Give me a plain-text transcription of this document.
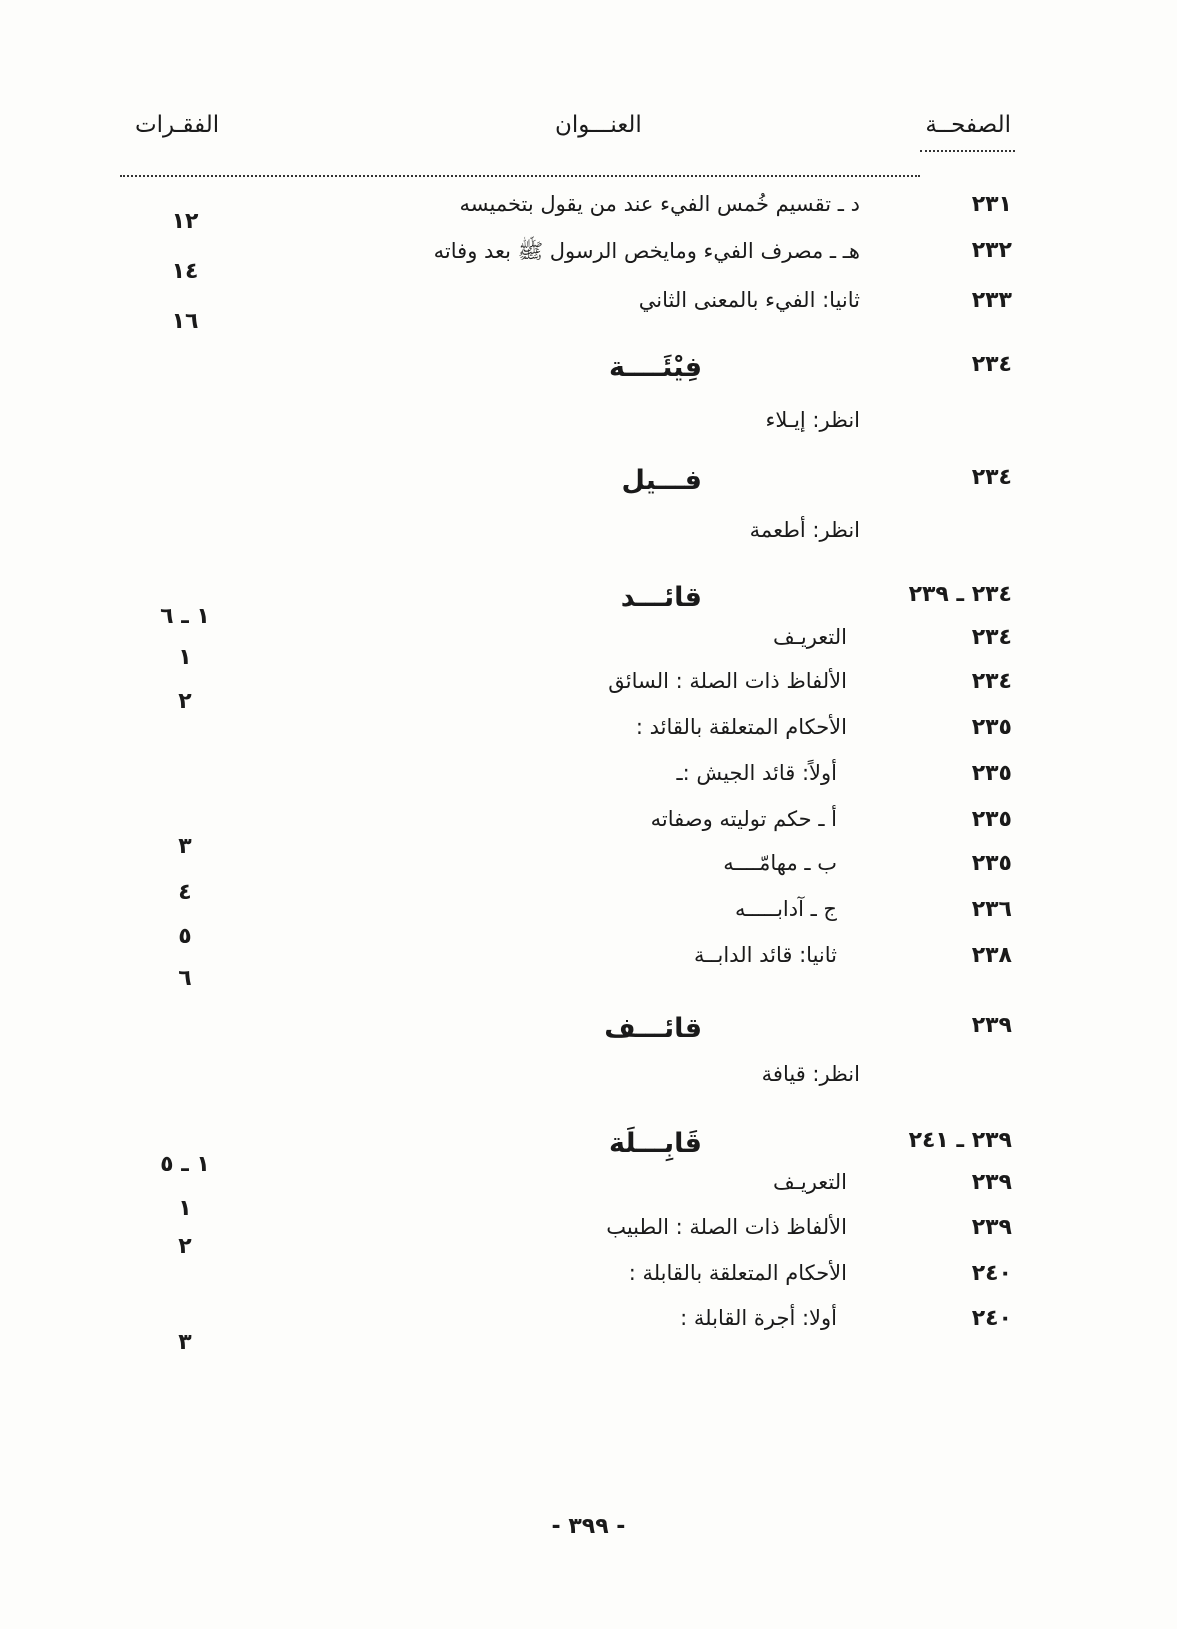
الصفحــة
العنـــوان
الفقـرات
٢٣١
د ـ تقسيم خُمس الفيء عند من يقول بتخميسه
١٢
٢٣٢
هـ ـ مصرف الفيء ومايخص الرسول ﷺ بعد وفاته
١٤
٢٣٣
ثانيا: الفيء بالمعنى الثاني
١٦
٢٣٤
فِيْئَــــة
انظر: إيـلاء
٢٣٤
فـــيل
انظر: أطعمة
٢٣٤ ـ ٢٣٩
قائـــد
١ ـ ٦
٢٣٤
التعريـف
١
٢٣٤
الألفاظ ذات الصلة : السائق
٢
٢٣٥
الأحكام المتعلقة بالقائد :
٢٣٥
أولاً: قائد الجيش :ـ
٢٣٥
أ ـ حكم توليته وصفاته
٣
٢٣٥
ب ـ مهامّــــه
٤
٢٣٦
ج ـ آدابـــــه
٥
٢٣٨
ثانيا: قائد الدابــة
٦
٢٣٩
قائـــف
انظر: قيافة
٢٣٩ ـ ٢٤١
قَابِـــلَة
١ ـ ٥
٢٣٩
التعريـف
١
٢٣٩
الألفاظ ذات الصلة : الطبيب
٢
٢٤٠
الأحكام المتعلقة بالقابلة :
٢٤٠
أولا: أجرة القابلة :
٣
- ٣٩٩ -
